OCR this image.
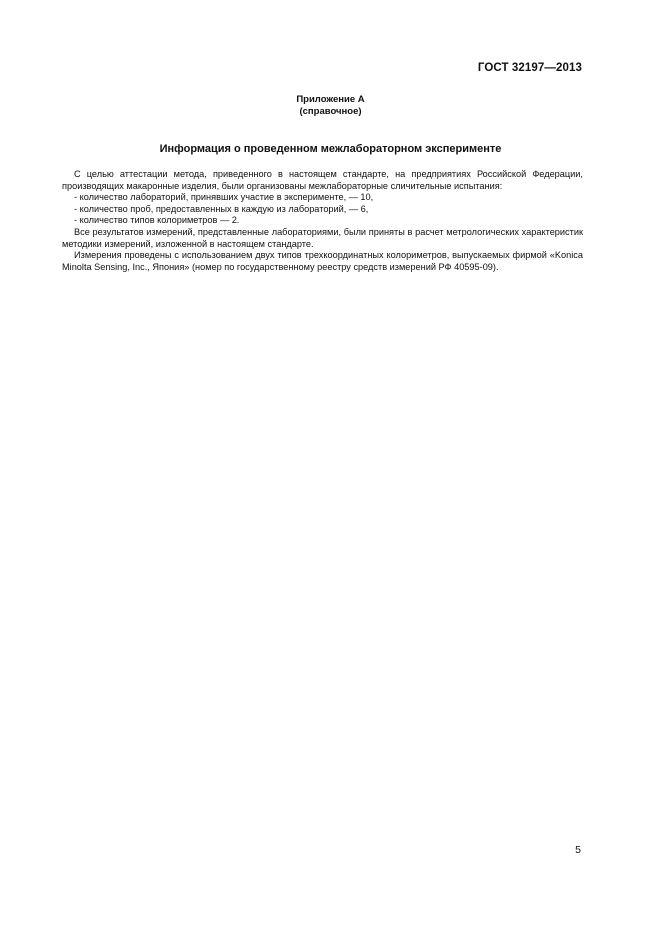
ГОСТ 32197—2013
Приложение А
(справочное)
Информация о проведенном межлабораторном эксперименте

С целью аттестации метода, приведенного в настоящем стандарте, на предприятиях Российской Федерации, производящих макаронные изделия, были организованы межлабораторные сличительные испытания:

- количество лабораторий, принявших участие в эксперименте, — 10,

- количество проб, предоставленных в каждую из лабораторий, — 6,

- количество типов колориметров — 2.

Все результатов измерений, представленные лабораториями, были приняты в расчет метрологических характеристик методики измерений, изложенной в настоящем стандарте.

Измерения проведены с использованием двух типов трехкоординатных колориметров, выпускаемых фирмой «Konica Minolta Sensing, Inc., Япония» (номер по государственному реестру средств измерений РФ 40595-09).

5
